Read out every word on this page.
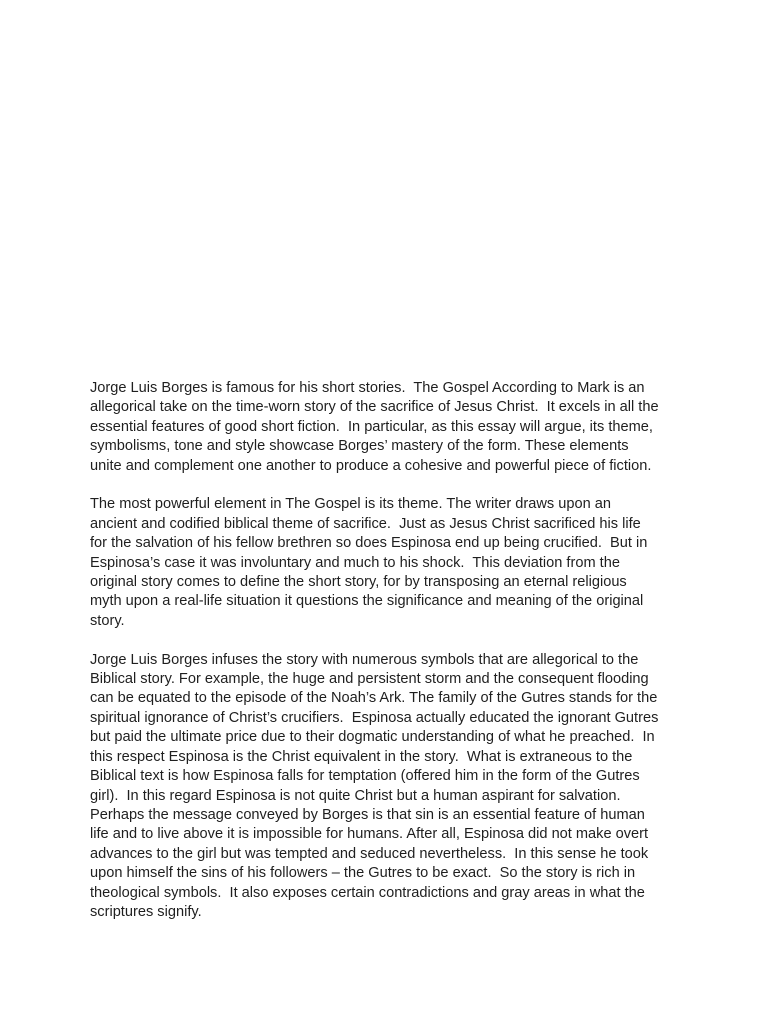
Jorge Luis Borges is famous for his short stories.  The Gospel According to Mark is an
allegorical take on the time-worn story of the sacrifice of Jesus Christ.  It excels in all the
essential features of good short fiction.  In particular, as this essay will argue, its theme,
symbolisms, tone and style showcase Borges’ mastery of the form. These elements
unite and complement one another to produce a cohesive and powerful piece of fiction.

The most powerful element in The Gospel is its theme. The writer draws upon an
ancient and codified biblical theme of sacrifice.  Just as Jesus Christ sacrificed his life
for the salvation of his fellow brethren so does Espinosa end up being crucified.  But in
Espinosa’s case it was involuntary and much to his shock.  This deviation from the
original story comes to define the short story, for by transposing an eternal religious
myth upon a real-life situation it questions the significance and meaning of the original
story.

Jorge Luis Borges infuses the story with numerous symbols that are allegorical to the
Biblical story. For example, the huge and persistent storm and the consequent flooding
can be equated to the episode of the Noah’s Ark. The family of the Gutres stands for the
spiritual ignorance of Christ’s crucifiers.  Espinosa actually educated the ignorant Gutres
but paid the ultimate price due to their dogmatic understanding of what he preached.  In
this respect Espinosa is the Christ equivalent in the story.  What is extraneous to the
Biblical text is how Espinosa falls for temptation (offered him in the form of the Gutres
girl).  In this regard Espinosa is not quite Christ but a human aspirant for salvation.
Perhaps the message conveyed by Borges is that sin is an essential feature of human
life and to live above it is impossible for humans. After all, Espinosa did not make overt
advances to the girl but was tempted and seduced nevertheless.  In this sense he took
upon himself the sins of his followers – the Gutres to be exact.  So the story is rich in
theological symbols.  It also exposes certain contradictions and gray areas in what the
scriptures signify.
